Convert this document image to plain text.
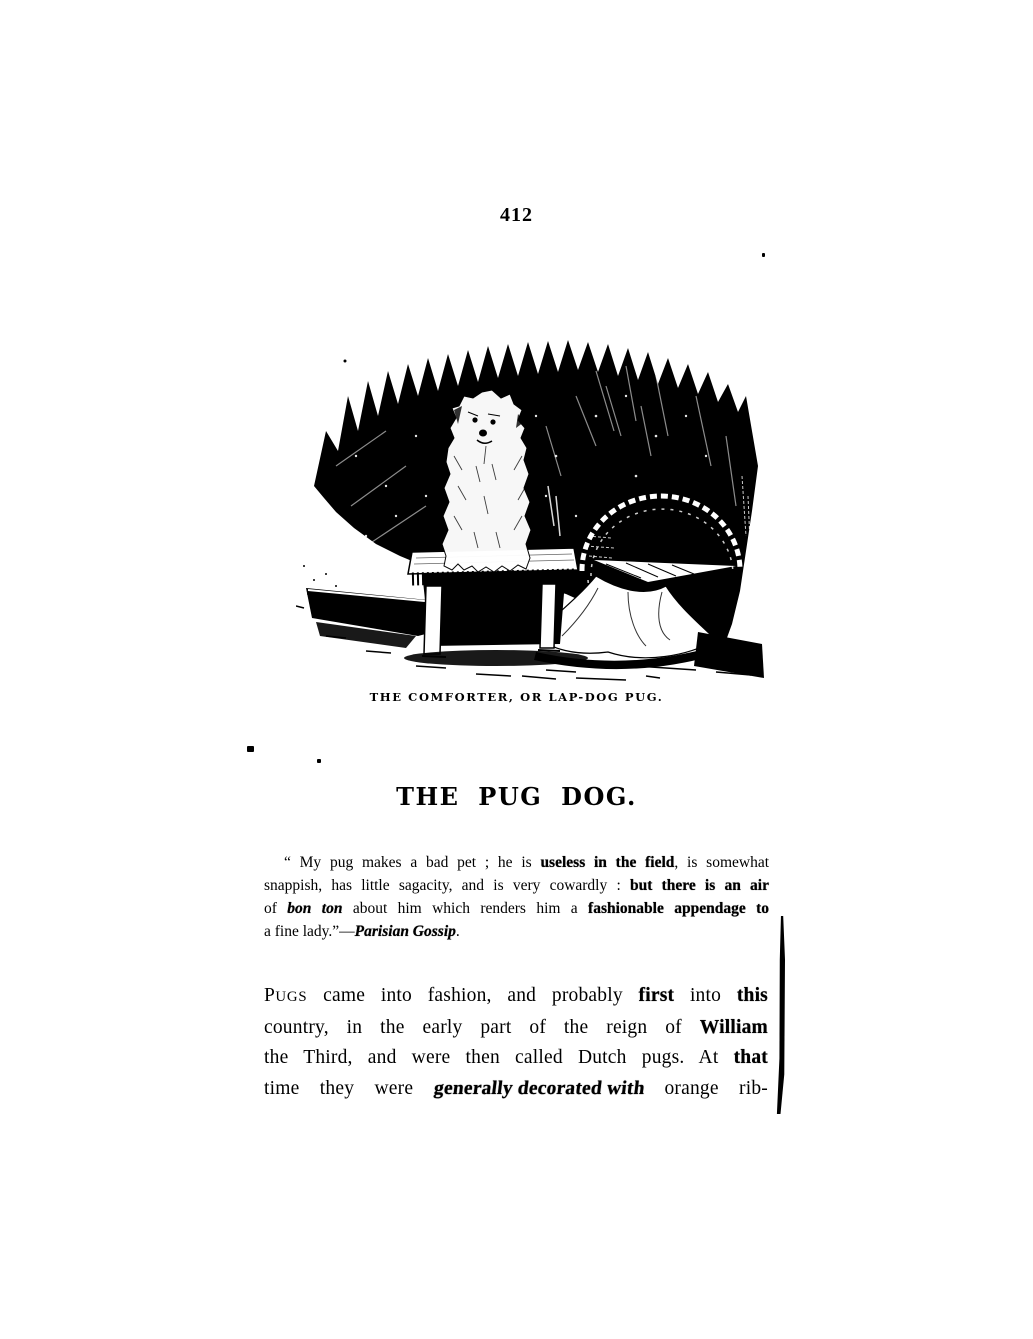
412
THE COMFORTER, OR LAP-DOG PUG.
THE PUG DOG.
“ My pug makes a bad pet ; he is useless in the field, is somewhat
snappish, has little sagacity, and is very cowardly : but there is an air
of bon ton about him which renders him a fashionable appendage to
a fine lady.”—Parisian Gossip.
PUGS came into fashion, and probably first into this
country, in the early part of the reign of William
the Third, and were then called Dutch pugs. At that
time they were generally decorated with orange rib-
